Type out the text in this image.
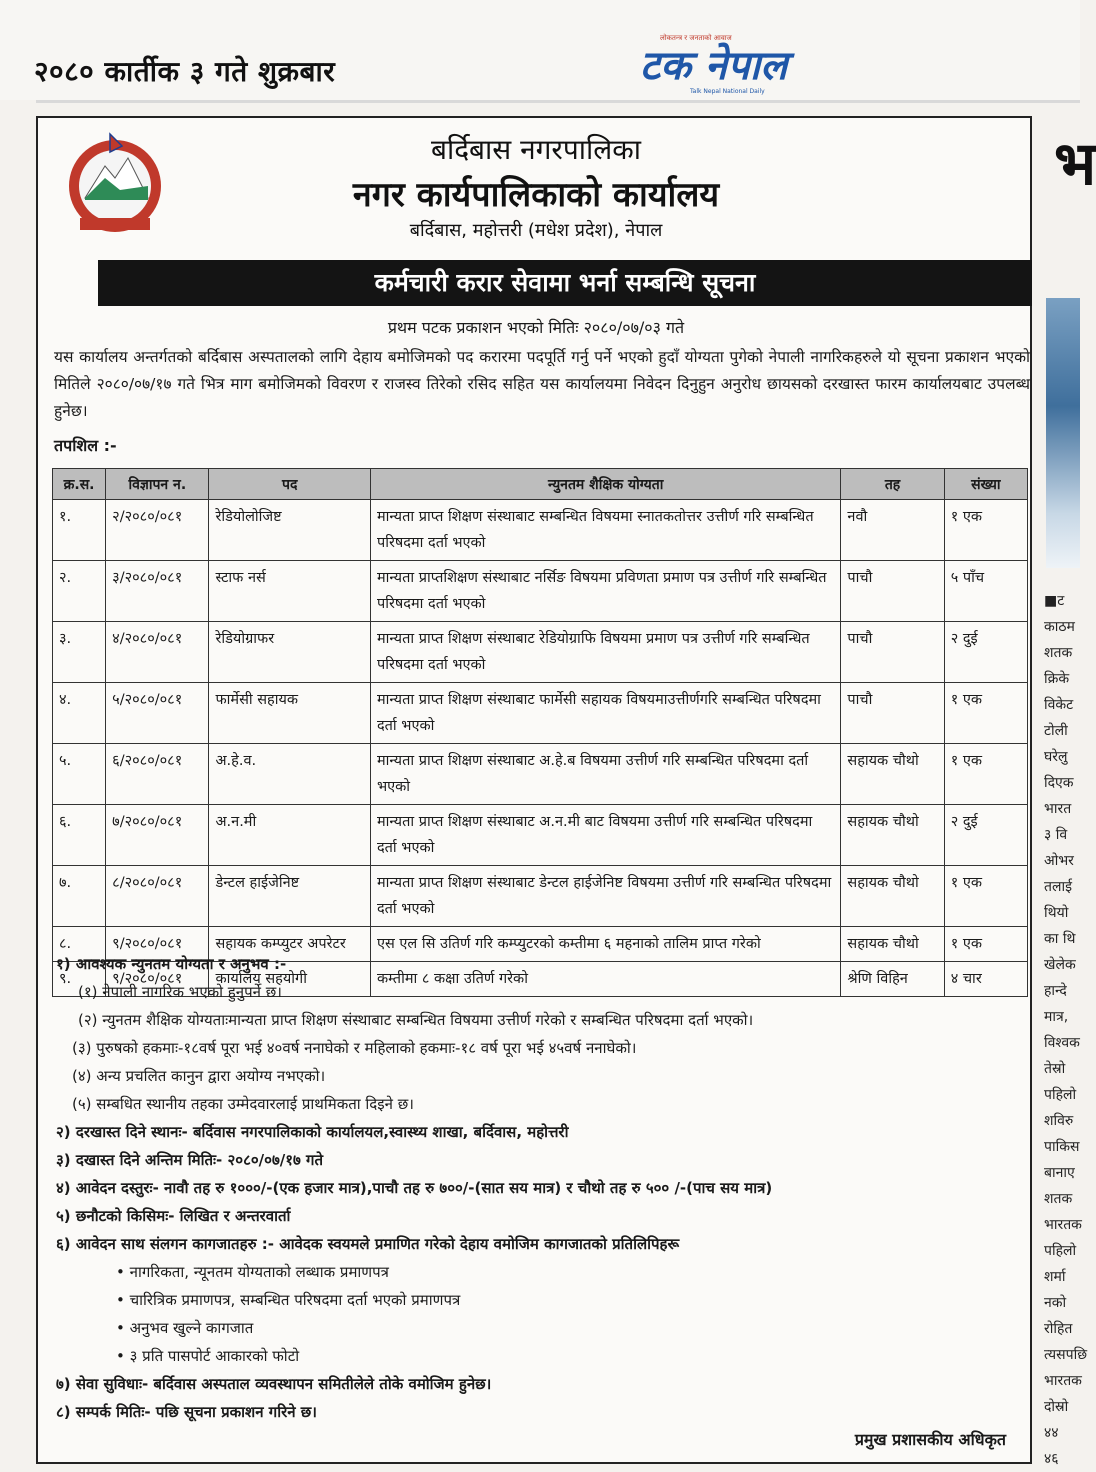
२०८० कार्तीक ३ गते शुक्रबार
लोकतन्त्र र जनताको आवाज
टक नेपाल
Talk Nepal National Daily
बर्दिबास नगरपालिका
नगर कार्यपालिकाको कार्यालय
बर्दिबास, महोत्तरी (मधेश प्रदेश), नेपाल
कर्मचारी करार सेवामा भर्ना सम्बन्धि सूचना
प्रथम पटक प्रकाशन भएको मितिः २०८०/०७/०३ गते
यस कार्यालय अन्तर्गतको बर्दिबास अस्पतालको लागि देहाय बमोजिमको पद करारमा पदपूर्ति गर्नु पर्ने भएको हुदाँ योग्यता पुगेको नेपाली नागरिकहरुले यो सूचना प्रकाशन भएको मितिले २०८०/०७/१७ गते भित्र माग बमोजिमको विवरण र राजस्व तिरेको रसिद सहित यस कार्यालयमा निवेदन दिनुहुन अनुरोध छायसको दरखास्त फारम कार्यालयबाट उपलब्ध हुनेछ।
तपशिल :-
क्र.स.	विज्ञापन न.	पद	न्युनतम शैक्षिक योग्यता	तह	संख्या
१.	२/२०८०/०८१	रेडियोलोजिष्ट	मान्यता प्राप्त शिक्षण संस्थाबाट सम्बन्धित विषयमा स्नातकतोत्तर उत्तीर्ण गरि सम्बन्धित परिषदमा दर्ता भएको	नवौ	१ एक
२.	३/२०८०/०८१	स्टाफ नर्स	मान्यता प्राप्तशिक्षण संस्थाबाट नर्सिङ विषयमा प्रविणता प्रमाण पत्र उत्तीर्ण गरि सम्बन्धित परिषदमा दर्ता भएको	पाचौ	५ पाँच
३.	४/२०८०/०८१	रेडियोग्राफर	मान्यता प्राप्त शिक्षण संस्थाबाट रेडियोग्राफि विषयमा प्रमाण पत्र उत्तीर्ण गरि सम्बन्धित परिषदमा दर्ता भएको	पाचौ	२ दुई
४.	५/२०८०/०८१	फार्मेसी सहायक	मान्यता प्राप्त शिक्षण संस्थाबाट फार्मेसी सहायक विषयमाउत्तीर्णगरि सम्बन्धित परिषदमा दर्ता भएको	पाचौ	१ एक
५.	६/२०८०/०८१	अ.हे.व.	मान्यता प्राप्त शिक्षण संस्थाबाट अ.हे.ब विषयमा उत्तीर्ण गरि सम्बन्धित परिषदमा दर्ता भएको	सहायक चौथो	१ एक
६.	७/२०८०/०८१	अ.न.मी	मान्यता प्राप्त शिक्षण संस्थाबाट अ.न.मी बाट विषयमा उत्तीर्ण गरि सम्बन्धित परिषदमा दर्ता भएको	सहायक चौथो	२ दुई
७.	८/२०८०/०८१	डेन्टल हाईजेनिष्ट	मान्यता प्राप्त शिक्षण संस्थाबाट डेन्टल हाईजेनिष्ट विषयमा उत्तीर्ण गरि सम्बन्धित परिषदमा दर्ता भएको	सहायक चौथो	१ एक
८.	९/२०८०/०८१	सहायक कम्प्युटर अपरेटर	एस एल सि उतिर्ण गरि कम्प्युटरको कम्तीमा ६ महनाको तालिम प्राप्त गरेको	सहायक चौथो	१ एक
९.	९/२०८०/०८१	कार्यालय सहयोगी	कम्तीमा ८ कक्षा उतिर्ण गरेको	श्रेणि विहिन	४ चार
१) आवश्यक न्युनतम योग्यता र अनुभव :-
(१) नेपाली नागरिक भएको हुनुपर्ने छ।
(२) न्युनतम शैक्षिक योग्यताःमान्यता प्राप्त शिक्षण संस्थाबाट सम्बन्धित विषयमा उत्तीर्ण गरेको र सम्बन्धित परिषदमा दर्ता भएको।
(३) पुरुषको हकमाः-१८वर्ष पूरा भई ४०वर्ष ननाघेको र महिलाको हकमाः-१८ वर्ष पूरा भई ४५वर्ष ननाघेको।
(४) अन्य प्रचलित कानुन द्वारा अयोग्य नभएको।
(५) सम्बधित स्थानीय तहका उम्मेदवारलाई प्राथमिकता दिइने छ।
२) दरखास्त दिने स्थानः- बर्दिवास नगरपालिकाको कार्यालयल,स्वास्थ्य शाखा, बर्दिवास, महोत्तरी
३) दखास्त दिने अन्तिम मितिः- २०८०/०७/१७ गते
४) आवेदन दस्तुरः- नावौ तह रु १०००/-(एक हजार मात्र),पाचौ तह रु ७००/-(सात सय मात्र) र चौथो तह रु ५०० /-(पाच सय मात्र)
५) छनौटको किसिमः- लिखित र अन्तरवार्ता
६) आवेदन साथ संलगन कागजातहरु :- आवेदक स्वयमले प्रमाणित गरेको देहाय वमोजिम कागजातको प्रतिलिपिहरू
• नागरिकता, न्यूनतम योग्यताको लब्धाक प्रमाणपत्र
• चारित्रिक प्रमाणपत्र, सम्बन्धित परिषदमा दर्ता भएको प्रमाणपत्र
• अनुभव खुल्ने कागजात
• ३ प्रति पासपोर्ट आकारको फोटो
७) सेवा सुविधाः- बर्दिवास अस्पताल व्यवस्थापन समितीलेले तोके वमोजिम हुनेछ।
८) सम्पर्क मितिः- पछि सूचना प्रकाशन गरिने छ।
प्रमुख प्रशासकीय अधिकृत
भ
■ट
काठम
शतक
क्रिके
विकेट
टोली
घरेलु
दिएक
भारत
३ वि
ओभर
तलाई
थियो
का थि
खेलेक
हान्दे
मात्र,
विश्वक
तेस्रो
पहिलो
शविरु
पाकिस
बानाए
शतक
भारतक
पहिलो
शर्मा
नको
रोहित
त्यसपछि
भारतक
दोस्रो
४४
४६
